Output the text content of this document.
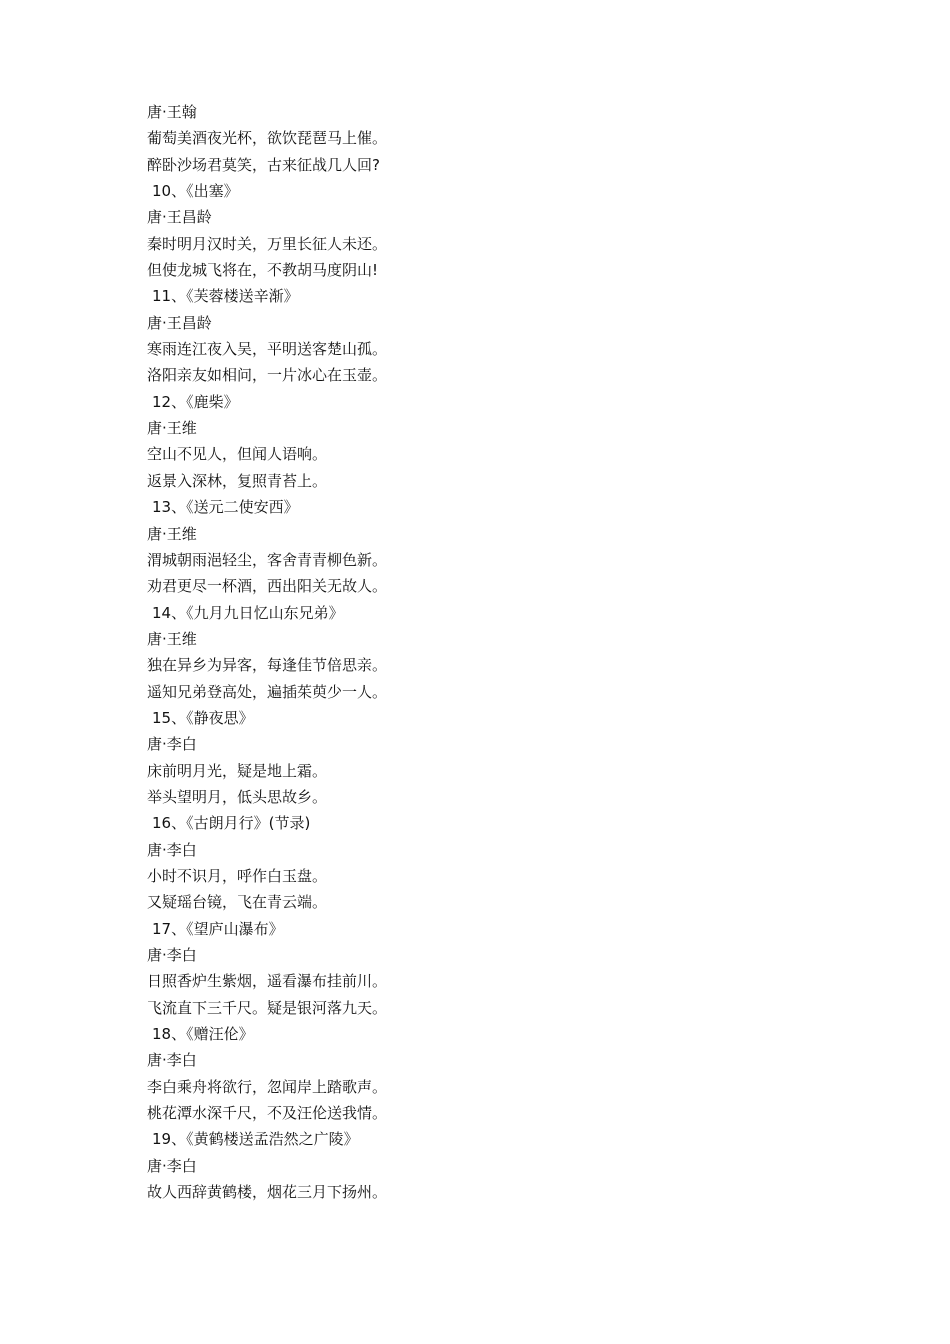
唐·王翰
葡萄美酒夜光杯，欲饮琵琶马上催。
醉卧沙场君莫笑，古来征战几人回?
10、《出塞》
唐·王昌龄
秦时明月汉时关，万里长征人未还。
但使龙城飞将在，不教胡马度阴山!
11、《芙蓉楼送辛渐》
唐·王昌龄
寒雨连江夜入吴，平明送客楚山孤。
洛阳亲友如相问，一片冰心在玉壶。
12、《鹿柴》
唐·王维
空山不见人，但闻人语响。
返景入深林，复照青苔上。
13、《送元二使安西》
唐·王维
渭城朝雨浥轻尘，客舍青青柳色新。
劝君更尽一杯酒，西出阳关无故人。
14、《九月九日忆山东兄弟》
唐·王维
独在异乡为异客，每逢佳节倍思亲。
遥知兄弟登高处，遍插茱萸少一人。
15、《静夜思》
唐·李白
床前明月光，疑是地上霜。
举头望明月，低头思故乡。
16、《古朗月行》(节录)
唐·李白
小时不识月，呼作白玉盘。
又疑瑶台镜，飞在青云端。
17、《望庐山瀑布》
唐·李白
日照香炉生紫烟，遥看瀑布挂前川。
飞流直下三千尺。疑是银河落九天。
18、《赠汪伦》
唐·李白
李白乘舟将欲行，忽闻岸上踏歌声。
桃花潭水深千尺，不及汪伦送我情。
19、《黄鹤楼送孟浩然之广陵》
唐·李白
故人西辞黄鹤楼，烟花三月下扬州。
